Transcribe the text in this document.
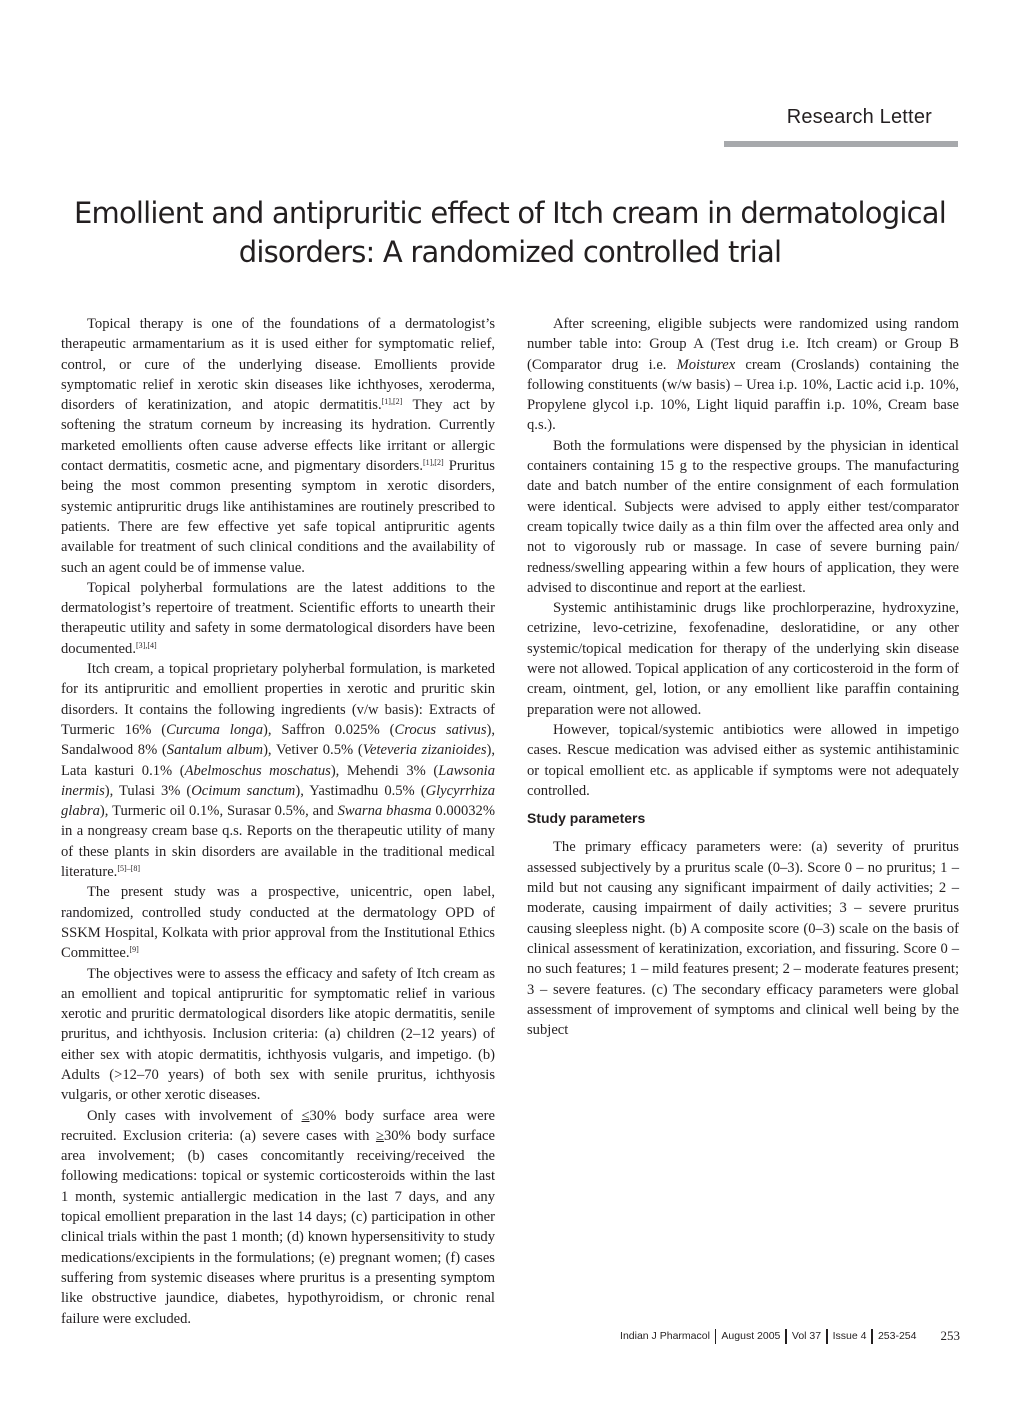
Research Letter
Emollient and antipruritic effect of Itch cream in dermatological disorders: A randomized controlled trial

Topical therapy is one of the foundations of a dermatologist’s therapeutic armamentarium as it is used either for symptomatic relief, control, or cure of the underlying disease. Emollients provide symptomatic relief in xerotic skin diseases like ichthyoses, xeroderma, disorders of keratinization, and atopic dermatitis.[1],[2] They act by softening the stratum corneum by increasing its hydration. Currently marketed emollients often cause adverse effects like irritant or allergic contact dermatitis, cosmetic acne, and pigmentary disorders.[1],[2] Pruritus being the most common presenting symptom in xerotic disorders, systemic antipruritic drugs like antihistamines are routinely prescribed to patients. There are few effective yet safe topical antipruritic agents available for treatment of such clinical conditions and the availability of such an agent could be of immense value.

Topical polyherbal formulations are the latest additions to the dermatologist’s repertoire of treatment. Scientific efforts to unearth their therapeutic utility and safety in some dermatological disorders have been documented.[3],[4]

Itch cream, a topical proprietary polyherbal formulation, is marketed for its antipruritic and emollient properties in xerotic and pruritic skin disorders. It contains the following ingredients (v/w basis): Extracts of Turmeric 16% (Curcuma longa), Saffron 0.025% (Crocus sativus), Sandalwood 8% (Santalum album), Vetiver 0.5% (Veteveria zizanioides), Lata kasturi 0.1% (Abelmoschus moschatus), Mehendi 3% (Lawsonia inermis), Tulasi 3% (Ocimum sanctum), Yastimadhu 0.5% (Glycyrrhiza glabra), Turmeric oil 0.1%, Surasar 0.5%, and Swarna bhasma 0.00032% in a nongreasy cream base q.s. Reports on the therapeutic utility of many of these plants in skin disorders are available in the traditional medical literature.[5]–[8]

The present study was a prospective, unicentric, open label, randomized, controlled study conducted at the dermatology OPD of SSKM Hospital, Kolkata with prior approval from the Institutional Ethics Committee.[9]

The objectives were to assess the efficacy and safety of Itch cream as an emollient and topical antipruritic for symptomatic relief in various xerotic and pruritic dermatological disorders like atopic dermatitis, senile pruritus, and ichthyosis. Inclusion criteria: (a) children (2–12 years) of either sex with atopic dermatitis, ichthyosis vulgaris, and impetigo. (b) Adults (>12–70 years) of both sex with senile pruritus, ichthyosis vulgaris, or other xerotic diseases.

Only cases with involvement of ≤30% body surface area were recruited. Exclusion criteria: (a) severe cases with ≥30% body surface area involvement; (b) cases concomitantly receiving/received the following medications: topical or systemic corticosteroids within the last 1 month, systemic antiallergic medication in the last 7 days, and any topical emollient preparation in the last 14 days; (c) participation in other clinical trials within the past 1 month; (d) known hypersensitivity to study medications/excipients in the formulations; (e) pregnant women; (f) cases suffering from systemic diseases where pruritus is a presenting symptom like obstructive jaundice, diabetes, hypothyroidism, or chronic renal failure were excluded.

After screening, eligible subjects were randomized using random number table into: Group A (Test drug i.e. Itch cream) or Group B (Comparator drug i.e. Moisturex cream (Croslands) containing the following constituents (w/w basis) – Urea i.p. 10%, Lactic acid i.p. 10%, Propylene glycol i.p. 10%, Light liquid paraffin i.p. 10%, Cream base q.s.).

Both the formulations were dispensed by the physician in identical containers containing 15 g to the respective groups. The manufacturing date and batch number of the entire consignment of each formulation were identical. Subjects were advised to apply either test/comparator cream topically twice daily as a thin film over the affected area only and not to vigorously rub or massage. In case of severe burning pain/ redness/swelling appearing within a few hours of application, they were advised to discontinue and report at the earliest.

Systemic antihistaminic drugs like prochlorperazine, hydroxyzine, cetrizine, levo-cetrizine, fexofenadine, desloratidine, or any other systemic/topical medication for therapy of the underlying skin disease were not allowed. Topical application of any corticosteroid in the form of cream, ointment, gel, lotion, or any emollient like paraffin containing preparation were not allowed.

However, topical/systemic antibiotics were allowed in impetigo cases. Rescue medication was advised either as systemic antihistaminic or topical emollient etc. as applicable if symptoms were not adequately controlled.

Study parameters

The primary efficacy parameters were: (a) severity of pruritus assessed subjectively by a pruritus scale (0–3). Score 0 – no pruritus; 1 – mild but not causing any significant impairment of daily activities; 2 – moderate, causing impairment of daily activities; 3 – severe pruritus causing sleepless night. (b) A composite score (0–3) scale on the basis of clinical assessment of keratinization, excoriation, and fissuring. Score 0 – no such features; 1 – mild features present; 2 – moderate features present; 3 – severe features. (c) The secondary efficacy parameters were global assessment of improvement of symptoms and clinical well being by the subject

Indian J Pharmacol August 2005 Vol 37 Issue 4 253-254 253
